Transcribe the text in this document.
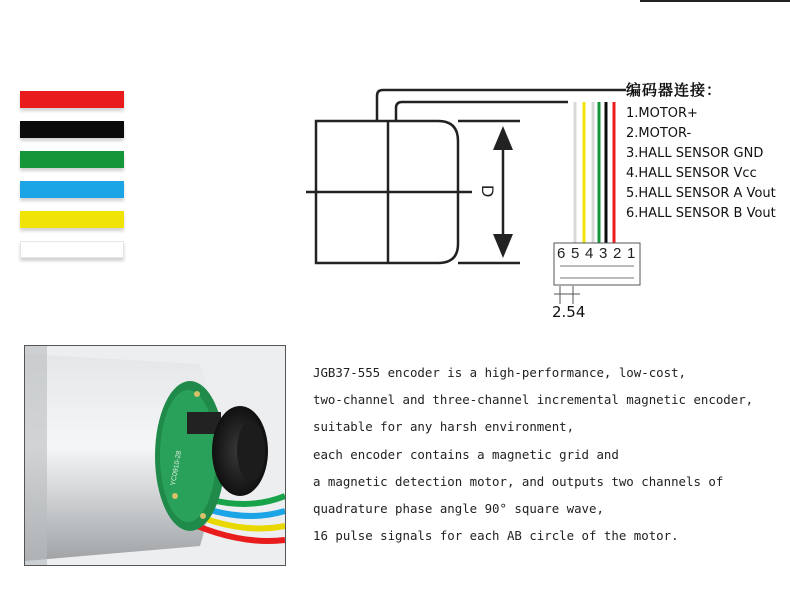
D
6 5 4 3 2 1
2.54
编码器连接：
1.MOTOR+
2.MOTOR-
3.HALL SENSOR GND
4.HALL SENSOR Vcc
5.HALL SENSOR A Vout
6.HALL SENSOR B Vout
YC0910-28
JGB37-555 encoder is a high-performance, low-cost,
two-channel and three-channel incremental magnetic encoder,
suitable for any harsh environment,
each encoder contains a magnetic grid and
a magnetic detection motor, and outputs two channels of
quadrature phase angle 90° square wave,
16 pulse signals for each AB circle of the motor.
